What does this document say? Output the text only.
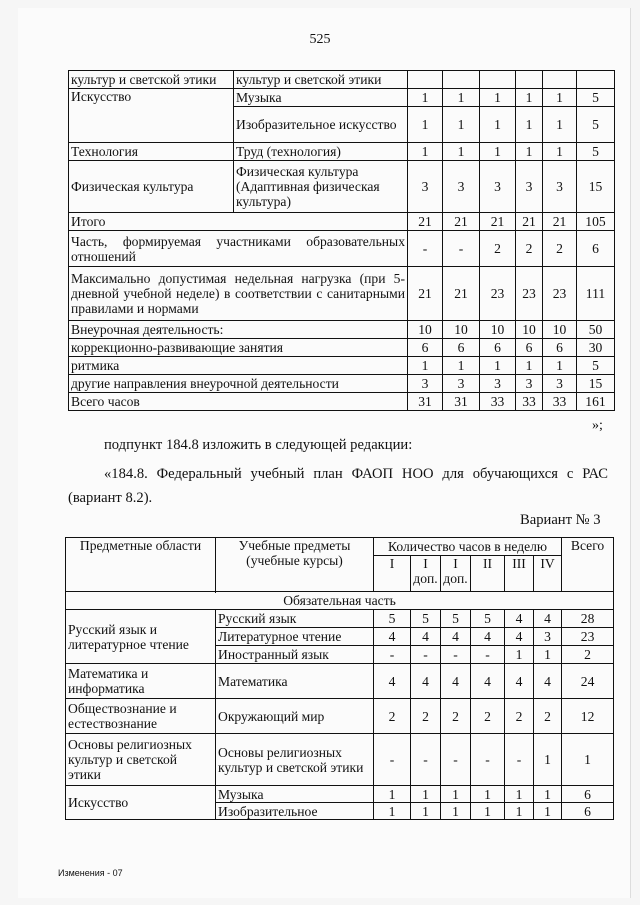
525
культур и светской этики	культур и светской этики						
Искусство	Музыка	1	1	1	1	1	5
	Изобразительное искусство	1	1	1	1	1	5
Технология	Труд (технология)	1	1	1	1	1	5
Физическая культура	Физическая культура (Адаптивная физическая культура)	3	3	3	3	3	15
Итого		21	21	21	21	21	105
Часть, формируемая участниками образовательных отношений		-	-	2	2	2	6
Максимально допустимая недельная нагрузка (при 5-дневной учебной неделе) в соответствии с санитарными правилами и нормами		21	21	23	23	23	111
Внеурочная деятельность:		10	10	10	10	10	50
коррекционно-развивающие занятия		6	6	6	6	6	30
ритмика		1	1	1	1	1	5
другие направления внеурочной деятельности		3	3	3	3	3	15
Всего часов		31	31	33	33	33	161
»;
подпункт 184.8 изложить в следующей редакции:
«184.8. Федеральный учебный план ФАОП НОО для обучающихся с РАС (вариант 8.2).
Вариант № 3
Предметные области	Учебные предметы (учебные курсы)	Количество часов в неделю						Всего
		I	I доп.	I доп.	II	III	IV	

Обязательная часть								
Русский язык и литературное чтение	Русский язык	5	5	5	5	4	4	28
	Литературное чтение	4	4	4	4	4	3	23
	Иностранный язык	-	-	-	-	1	1	2
Математика и информатика	Математика	4	4	4	4	4	4	24
Обществознание и естествознание	Окружающий мир	2	2	2	2	2	2	12
Основы религиозных культур и светской этики	Основы религиозных культур и светской этики	-	-	-	-	-	1	1
Искусство	Музыка	1	1	1	1	1	1	6
	Изобразительное	1	1	1	1	1	1	6
Изменения - 07
